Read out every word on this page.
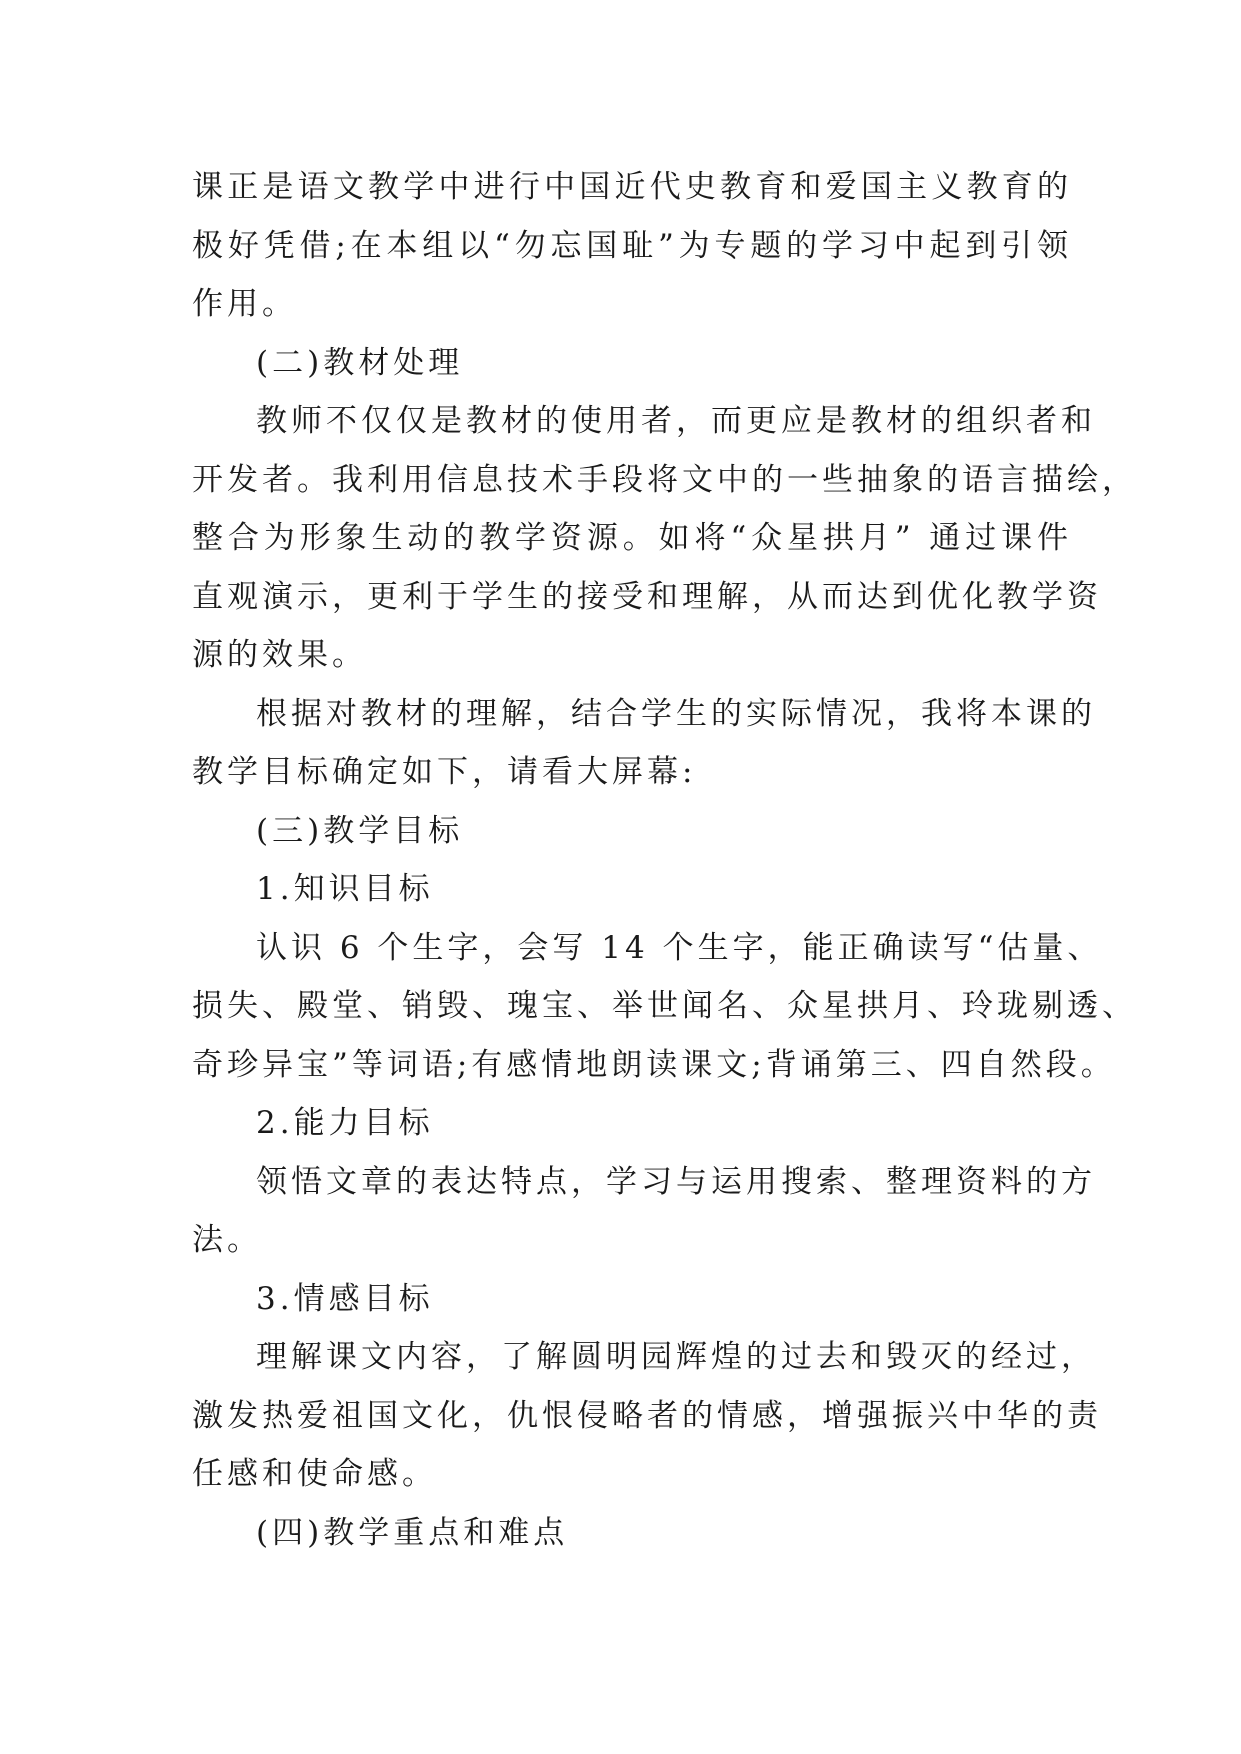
课正是语文教学中进行中国近代史教育和爱国主义教育的
极好凭借;在本组以“勿忘国耻”为专题的学习中起到引领
作用。
(二)教材处理
教师不仅仅是教材的使用者，而更应是教材的组织者和
开发者。我利用信息技术手段将文中的一些抽象的语言描绘，
整合为形象生动的教学资源。如将“众星拱月” 通过课件
直观演示，更利于学生的接受和理解，从而达到优化教学资
源的效果。
根据对教材的理解，结合学生的实际情况，我将本课的
教学目标确定如下，请看大屏幕:
(三)教学目标
1.知识目标
认识 6 个生字，会写 14 个生字，能正确读写“估量、
损失、殿堂、销毁、瑰宝、举世闻名、众星拱月、玲珑剔透、
奇珍异宝”等词语;有感情地朗读课文;背诵第三、四自然段。
2.能力目标
领悟文章的表达特点，学习与运用搜索、整理资料的方
法。
3.情感目标
理解课文内容，了解圆明园辉煌的过去和毁灭的经过，
激发热爱祖国文化，仇恨侵略者的情感，增强振兴中华的责
任感和使命感。
(四)教学重点和难点
